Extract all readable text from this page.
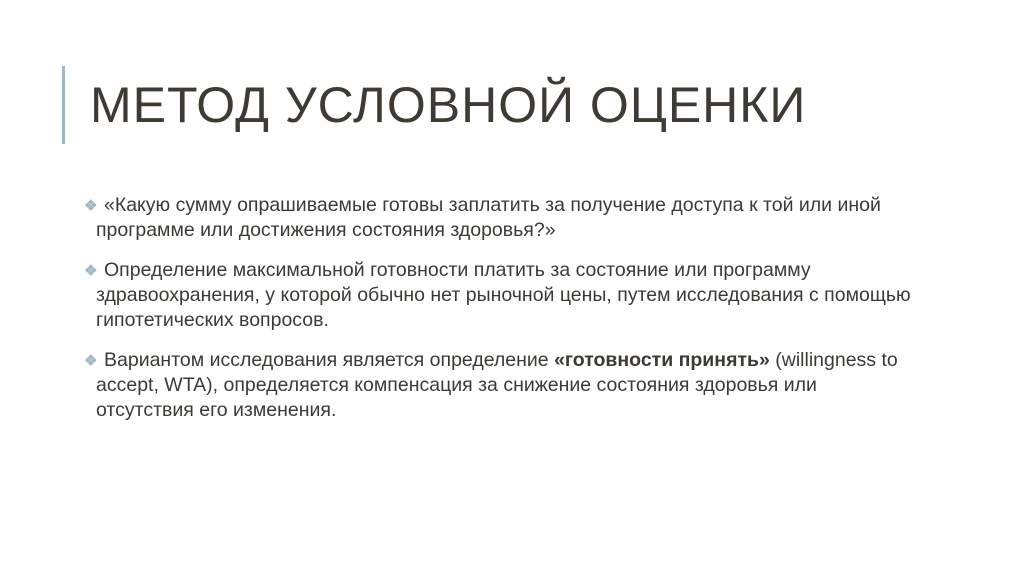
МЕТОД УСЛОВНОЙ ОЦЕНКИ
«Какую сумму опрашиваемые готовы заплатить за получение доступа к той или иной программе или достижения состояния здоровья?»
Определение максимальной готовности платить за состояние или программу здравоохранения, у которой обычно нет рыночной цены, путем исследования с помощью гипотетических вопросов.
Вариантом исследования является определение «готовности принять» (willingness to accept, WTA), определяется компенсация за снижение состояния здоровья или отсутствия его изменения.
